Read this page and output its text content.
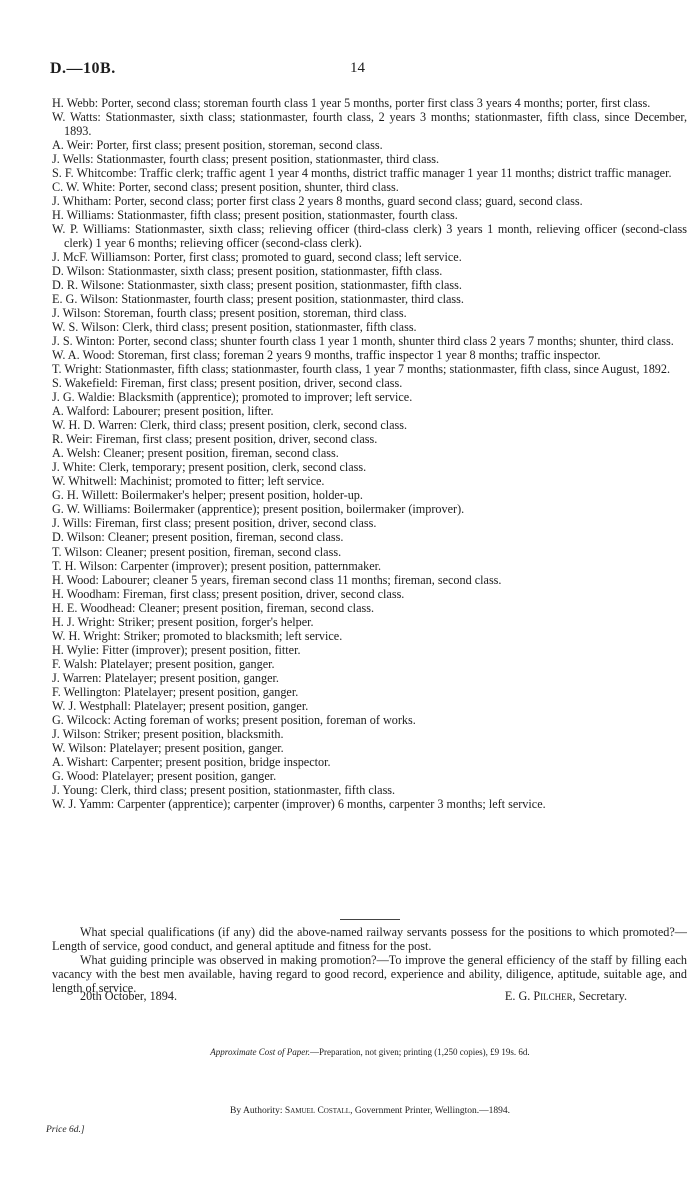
D.—10B.	14
H. Webb: Porter, second class; storeman fourth class 1 year 5 months, porter first class 3 years 4 months; porter, first class.
W. Watts: Stationmaster, sixth class; stationmaster, fourth class, 2 years 3 months; stationmaster, fifth class, since December, 1893.
A. Weir: Porter, first class; present position, storeman, second class.
J. Wells: Stationmaster, fourth class; present position, stationmaster, third class.
S. F. Whitcombe: Traffic clerk; traffic agent 1 year 4 months, district traffic manager 1 year 11 months; district traffic manager.
C. W. White: Porter, second class; present position, shunter, third class.
J. Whitham: Porter, second class; porter first class 2 years 8 months, guard second class; guard, second class.
H. Williams: Stationmaster, fifth class; present position, stationmaster, fourth class.
W. P. Williams: Stationmaster, sixth class; relieving officer (third-class clerk) 3 years 1 month, relieving officer (second-class clerk) 1 year 6 months; relieving officer (second-class clerk).
J. McF. Williamson: Porter, first class; promoted to guard, second class; left service.
D. Wilson: Stationmaster, sixth class; present position, stationmaster, fifth class.
D. R. Wilsone: Stationmaster, sixth class; present position, stationmaster, fifth class.
E. G. Wilson: Stationmaster, fourth class; present position, stationmaster, third class.
J. Wilson: Storeman, fourth class; present position, storeman, third class.
W. S. Wilson: Clerk, third class; present position, stationmaster, fifth class.
J. S. Winton: Porter, second class; shunter fourth class 1 year 1 month, shunter third class 2 years 7 months; shunter, third class.
W. A. Wood: Storeman, first class; foreman 2 years 9 months, traffic inspector 1 year 8 months; traffic inspector.
T. Wright: Stationmaster, fifth class; stationmaster, fourth class, 1 year 7 months; stationmaster, fifth class, since August, 1892.
S. Wakefield: Fireman, first class; present position, driver, second class.
J. G. Waldie: Blacksmith (apprentice); promoted to improver; left service.
A. Walford: Labourer; present position, lifter.
W. H. D. Warren: Clerk, third class; present position, clerk, second class.
R. Weir: Fireman, first class; present position, driver, second class.
A. Welsh: Cleaner; present position, fireman, second class.
J. White: Clerk, temporary; present position, clerk, second class.
W. Whitwell: Machinist; promoted to fitter; left service.
G. H. Willett: Boilermaker's helper; present position, holder-up.
G. W. Williams: Boilermaker (apprentice); present position, boilermaker (improver).
J. Wills: Fireman, first class; present position, driver, second class.
D. Wilson: Cleaner; present position, fireman, second class.
T. Wilson: Cleaner; present position, fireman, second class.
T. H. Wilson: Carpenter (improver); present position, patternmaker.
H. Wood: Labourer; cleaner 5 years, fireman second class 11 months; fireman, second class.
H. Woodham: Fireman, first class; present position, driver, second class.
H. E. Woodhead: Cleaner; present position, fireman, second class.
H. J. Wright: Striker; present position, forger's helper.
W. H. Wright: Striker; promoted to blacksmith; left service.
H. Wylie: Fitter (improver); present position, fitter.
F. Walsh: Platelayer; present position, ganger.
J. Warren: Platelayer; present position, ganger.
F. Wellington: Platelayer; present position, ganger.
W. J. Westphall: Platelayer; present position, ganger.
G. Wilcock: Acting foreman of works; present position, foreman of works.
J. Wilson: Striker; present position, blacksmith.
W. Wilson: Platelayer; present position, ganger.
A. Wishart: Carpenter; present position, bridge inspector.
G. Wood: Platelayer; present position, ganger.
J. Young: Clerk, third class; present position, stationmaster, fifth class.
W. J. Yamm: Carpenter (apprentice); carpenter (improver) 6 months, carpenter 3 months; left service.

What special qualifications (if any) did the above-named railway servants possess for the positions to which promoted?—Length of service, good conduct, and general aptitude and fitness for the post.

What guiding principle was observed in making promotion?—To improve the general efficiency of the staff by filling each vacancy with the best men available, having regard to good record, experience and ability, diligence, aptitude, suitable age, and length of service.

20th October, 1894.	E. G. Pilcher, Secretary.
Approximate Cost of Paper.—Preparation, not given; printing (1,250 copies), £9 19s. 6d.
By Authority: Samuel Costall, Government Printer, Wellington.—1894.
Price 6d.]
